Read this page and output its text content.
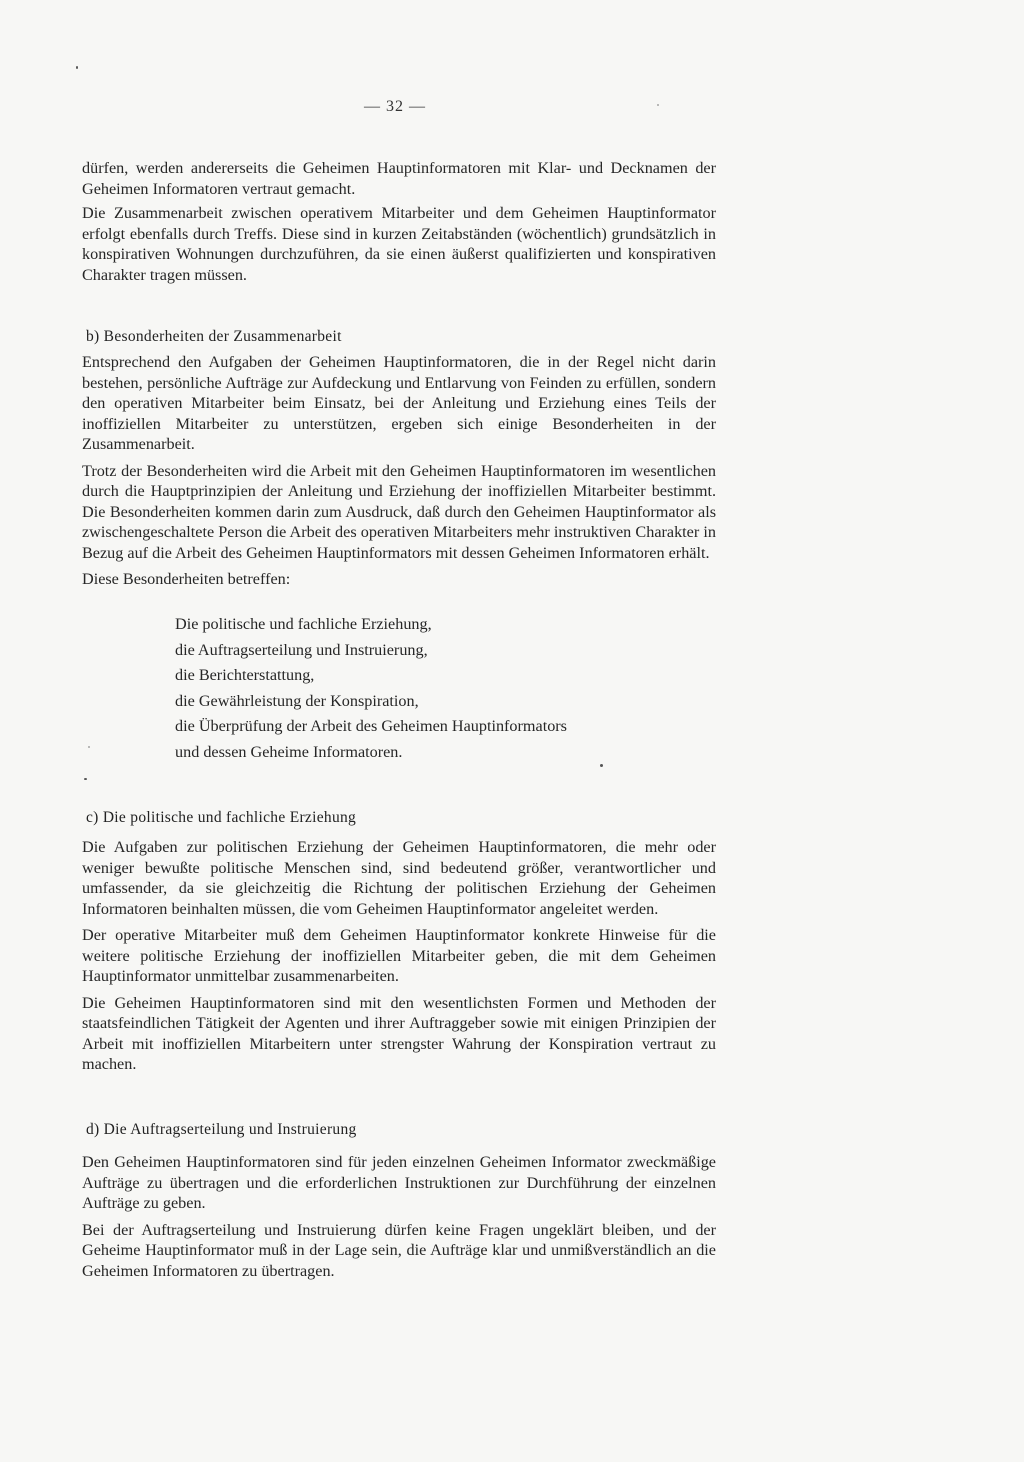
— 32 —

dürfen, werden andererseits die Geheimen Hauptinformatoren mit Klar- und Decknamen der Geheimen Informatoren vertraut gemacht.

Die Zusammenarbeit zwischen operativem Mitarbeiter und dem Geheimen Hauptinformator erfolgt ebenfalls durch Treffs. Diese sind in kurzen Zeitabständen (wöchentlich) grundsätzlich in konspirativen Wohnungen durchzuführen, da sie einen äußerst qualifizierten und konspirativen Charakter tragen müssen.

b) Besonderheiten der Zusammenarbeit

Entsprechend den Aufgaben der Geheimen Hauptinformatoren, die in der Regel nicht darin bestehen, persönliche Aufträge zur Aufdeckung und Entlarvung von Feinden zu erfüllen, sondern den operativen Mitarbeiter beim Einsatz, bei der Anleitung und Erziehung eines Teils der inoffiziellen Mitarbeiter zu unterstützen, ergeben sich einige Besonderheiten in der Zusammenarbeit.

Trotz der Besonderheiten wird die Arbeit mit den Geheimen Hauptinformatoren im wesentlichen durch die Hauptprinzipien der Anleitung und Erziehung der inoffiziellen Mitarbeiter bestimmt. Die Besonderheiten kommen darin zum Ausdruck, daß durch den Geheimen Hauptinformator als zwischengeschaltete Person die Arbeit des operativen Mitarbeiters mehr instruktiven Charakter in Bezug auf die Arbeit des Geheimen Hauptinformators mit dessen Geheimen Informatoren erhält.

Diese Besonderheiten betreffen:

Die politische und fachliche Erziehung,
die Auftragserteilung und Instruierung,
die Berichterstattung,
die Gewährleistung der Konspiration,
die Überprüfung der Arbeit des Geheimen Hauptinformators
und dessen Geheime Informatoren.
c) Die politische und fachliche Erziehung

Die Aufgaben zur politischen Erziehung der Geheimen Hauptinformatoren, die mehr oder weniger bewußte politische Menschen sind, sind bedeutend größer, verantwortlicher und umfassender, da sie gleichzeitig die Richtung der politischen Erziehung der Geheimen Informatoren beinhalten müssen, die vom Geheimen Hauptinformator angeleitet werden.

Der operative Mitarbeiter muß dem Geheimen Hauptinformator konkrete Hinweise für die weitere politische Erziehung der inoffiziellen Mitarbeiter geben, die mit dem Geheimen Hauptinformator unmittelbar zusammenarbeiten.

Die Geheimen Hauptinformatoren sind mit den wesentlichsten Formen und Methoden der staatsfeindlichen Tätigkeit der Agenten und ihrer Auftraggeber sowie mit einigen Prinzipien der Arbeit mit inoffiziellen Mitarbeitern unter strengster Wahrung der Konspiration vertraut zu machen.

d) Die Auftragserteilung und Instruierung

Den Geheimen Hauptinformatoren sind für jeden einzelnen Geheimen Informator zweckmäßige Aufträge zu übertragen und die erforderlichen Instruktionen zur Durchführung der einzelnen Aufträge zu geben.

Bei der Auftragserteilung und Instruierung dürfen keine Fragen ungeklärt bleiben, und der Geheime Hauptinformator muß in der Lage sein, die Aufträge klar und unmißverständlich an die Geheimen Informatoren zu übertragen.
